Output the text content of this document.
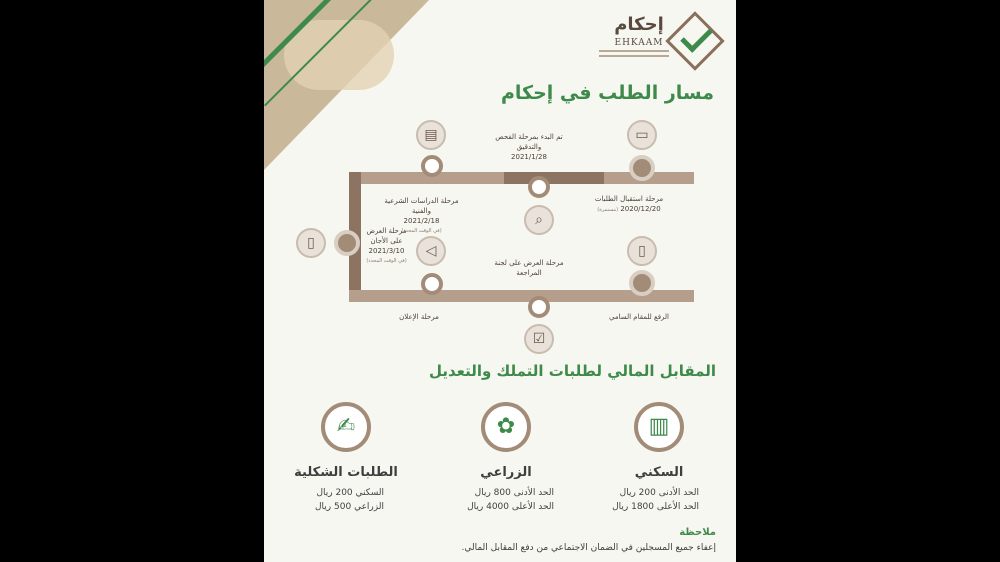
إحكام
EHKAAM
مسار الطلب في إحكام
▭
مرحلة استقبال الطلبات
2020/12/20 (مستمرة)
تم البدء بمرحلة الفحص والتدقيق
2021/1/28
⌕
▤
مرحلة الدراسات الشرعية والفنية
2021/2/18
(في الوقت المحدد)
▯
مرحلة العرض على الأجان
2021/3/10
(في الوقت المحدد)
◁
مرحلة الإعلان
مرحلة العرض على لجنة المراجعة
☑
▯
الرفع للمقام السامي
المقابل المالي لطلبات التملك والتعديل
▥
السكني
الحد الأدنى 200 ريال
الحد الأعلى 1800 ريال
✿
الزراعي
الحد الأدنى 800 ريال
الحد الأعلى 4000 ريال
✍
الطلبات الشكلية
السكني 200 ريال
الزراعي 500 ريال
ملاحظة
إعفاء جميع المسجلين في الضمان الاجتماعي من دفع المقابل المالي.
